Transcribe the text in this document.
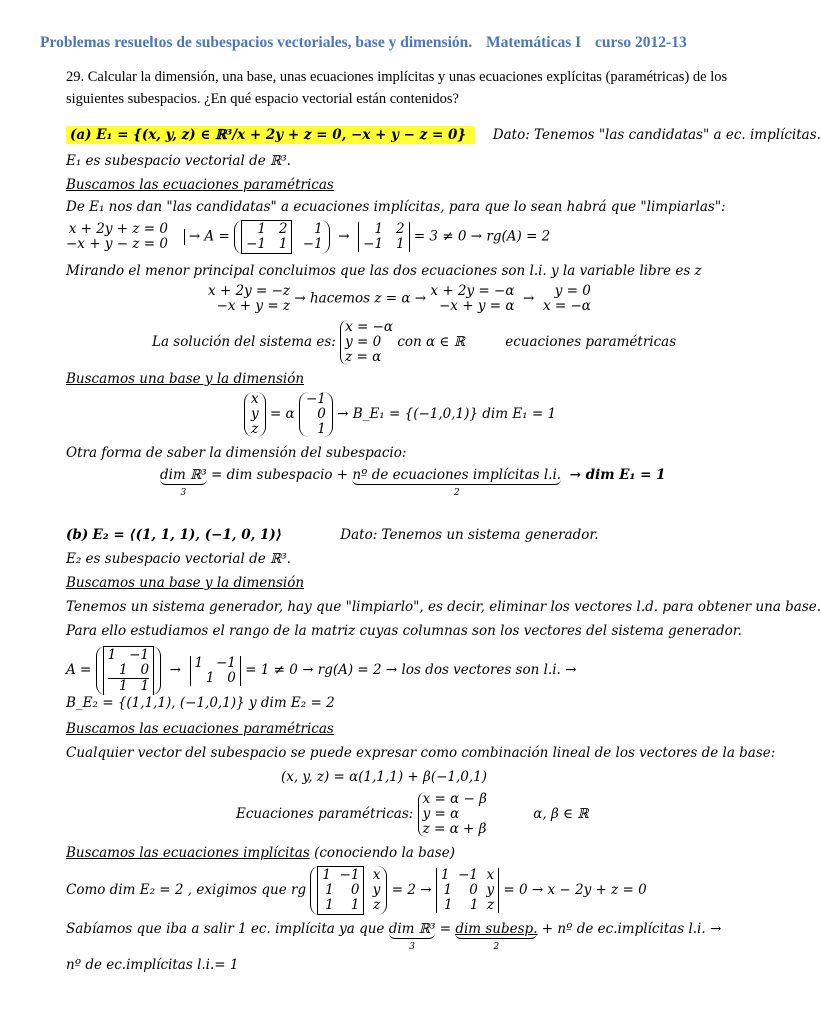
Problemas resueltos de subespacios vectoriales, base y dimensión. Matemáticas I curso 2012-13
29. Calcular la dimensión, una base, unas ecuaciones implícitas y unas ecuaciones explícitas (paramétricas) de los
siguientes subespacios. ¿En qué espacio vectorial están contenidos?
(a) E₁ = {(x, y, z) ∈ ℝ³/x + 2y + z = 0, −x + y − z = 0} Dato: Tenemos "las candidatas" a ec. implícitas.
E₁ es subespacio vectorial de ℝ³.
Buscamos las ecuaciones paramétricas
De E₁ nos dan "las candidatas" a ecuaciones implícitas, para que lo sean habrá que "limpiarlas":
x + 2y + z = 0
−x + y − z = 0 → A =	1 2
−1 1

1
−1 →	1 2
−1 1 = 3 ≠ 0 → rg(A) = 2
Mirando el menor principal concluimos que las dos ecuaciones son l.i. y la variable libre es z
x + 2y = −z
−x + y = z → hacemos z = α → x + 2y = −α
−x + y = α → y = 0
x = −α
La solución del sistema es:
x = −α
y = 0
z = α
con α ∈ ℝ	ecuaciones paramétricas
Buscamos una base y la dimensión
x
y
z
= α
−1
0
1
→ B_E₁ = {(−1,0,1)} dim E₁ = 1
Otra forma de saber la dimensión del subespacio:
dim ℝ³
3
= dim subespacio + nº de ecuaciones implícitas l.i.
2
→ dim E₁ = 1
(b) E₂ = ⟨(1, 1, 1), (−1, 0, 1)⟩	Dato: Tenemos un sistema generador.
E₂ es subespacio vectorial de ℝ³.
Buscamos una base y la dimensión
Tenemos un sistema generador, hay que "limpiarlo", es decir, eliminar los vectores l.d. para obtener una base.
Para ello estudiamos el rango de la matriz cuyas columnas son los vectores del sistema generador.
A =
1 −1
1 0
1 1
→ 1 −1
1 0 = 1 ≠ 0 → rg(A) = 2 → los dos vectores son l.i. →
B_E₂ = {(1,1,1), (−1,0,1)} y dim E₂ = 2
Buscamos las ecuaciones paramétricas
Cualquier vector del subespacio se puede expresar como combinación lineal de los vectores de la base:
(x, y, z) = α(1,1,1) + β(−1,0,1)
Ecuaciones paramétricas:
x = α − β
y = α
z = α + β
α, β ∈ ℝ
Buscamos las ecuaciones implícitas (conociendo la base)
Como dim E₂ = 2 , exigimos que rg
1 −1
1 0
1 1

x
y
z
= 2 →
1 −1 x
1 0 y
1 1 z
= 0 → x − 2y + z = 0
Sabíamos que iba a salir 1 ec. implícita ya que dim ℝ³
3
= dim subesp.
2
+ nº de ec.implícitas l.i. →
nº de ec.implícitas l.i.= 1
